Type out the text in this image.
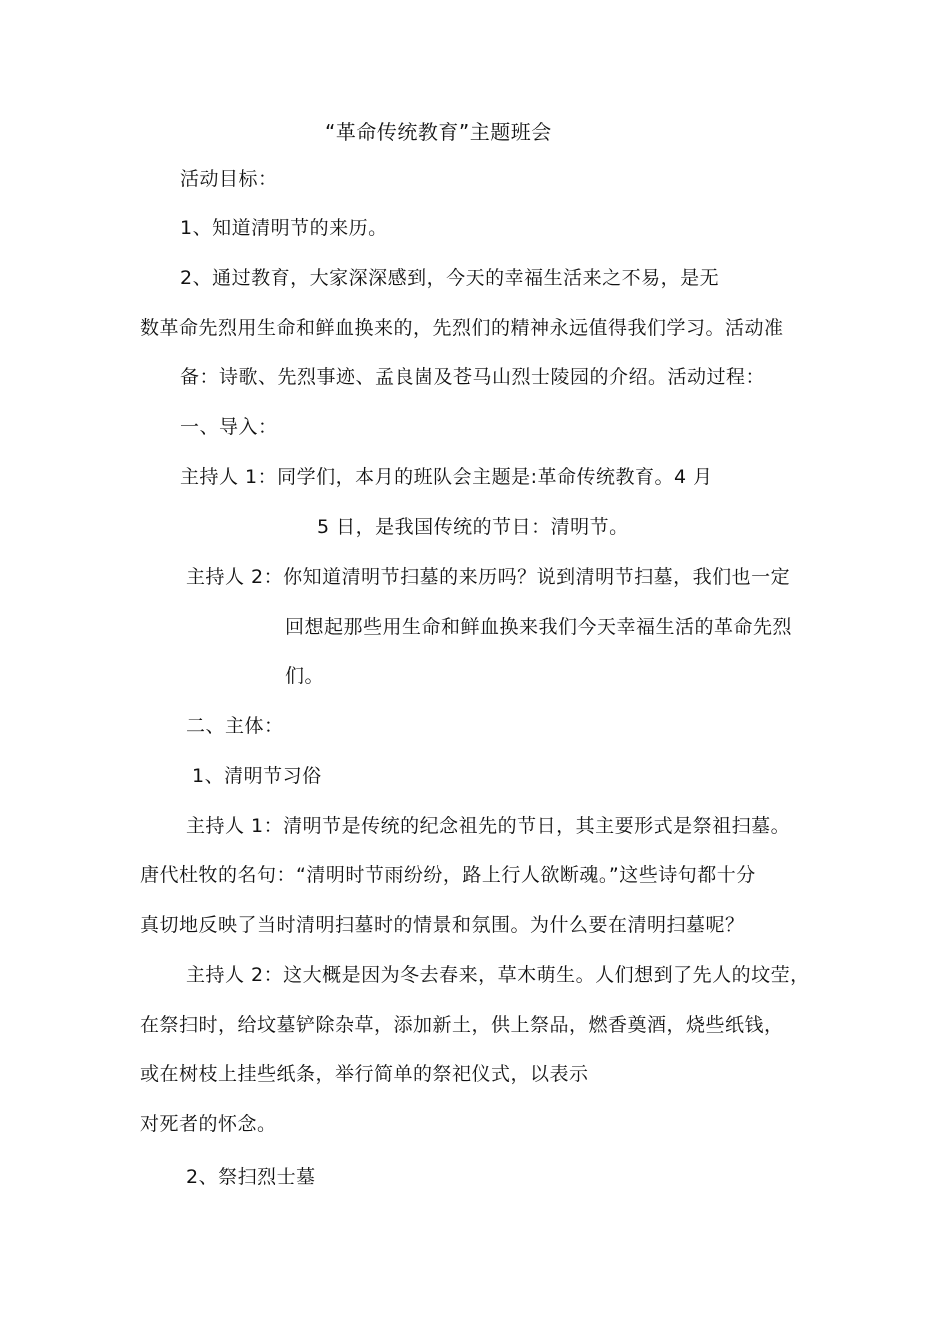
“革命传统教育”主题班会
活动目标：
1、知道清明节的来历。
2、通过教育，大家深深感到，今天的幸福生活来之不易，是无
数革命先烈用生命和鲜血换来的，先烈们的精神永远值得我们学习。活动准
备：诗歌、先烈事迹、孟良崮及苍马山烈士陵园的介绍。活动过程：
一、导入：
主持人 1：同学们，本月的班队会主题是:革命传统教育。4 月
5 日，是我国传统的节日：清明节。
主持人 2：你知道清明节扫墓的来历吗？说到清明节扫墓，我们也一定
回想起那些用生命和鲜血换来我们今天幸福生活的革命先烈
们。
二、主体：
1、清明节习俗
主持人 1：清明节是传统的纪念祖先的节日，其主要形式是祭祖扫墓。
唐代杜牧的名句：“清明时节雨纷纷，路上行人欲断魂。”这些诗句都十分
真切地反映了当时清明扫墓时的情景和氛围。为什么要在清明扫墓呢？
主持人 2：这大概是因为冬去春来，草木萌生。人们想到了先人的坟茔，
在祭扫时，给坟墓铲除杂草，添加新土，供上祭品，燃香奠酒，烧些纸钱，
或在树枝上挂些纸条，举行简单的祭祀仪式，以表示
对死者的怀念。
2、祭扫烈士墓
